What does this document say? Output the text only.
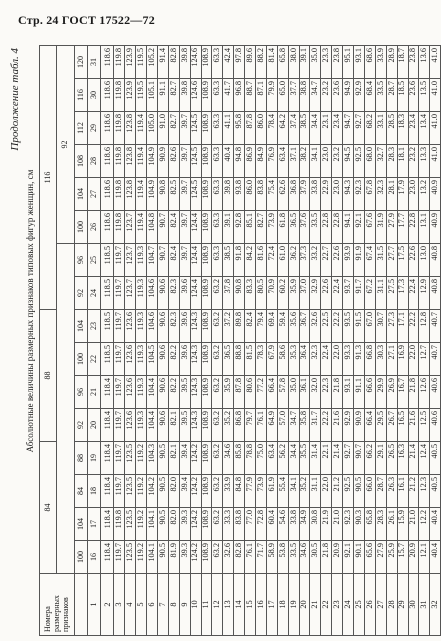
Стр. 24 ГОСТ 17522—72
Продолжение табл. 4
Абсолютные величины размерных признаков типовых фигур женщин, см
Номера размерных признаков	84				88				116							
											92					
	100	104	84	88	92	96	100	104	92	96	100	104	108	112	116	120
1	16	17	18	19	20	21	22	23	24	25	26	27	28	29	30	31
2	118.4	118.4	118.4	118.4	118.4	118.4	118.5	118.5	118.5	118.5	118.6	118.6	118.6	118.6	118.6	118.6
3	119.7	119.8	119.7	119.7	119.7	119.7	119.7	119.7	119.7	119.7	119.8	119.8	119.8	119.8	119.8	119.8
4	123.5	123.5	123.5	123.5	123.6	123.6	123.6	123.6	123.7	123.7	123.7	123.8	123.8	123.8	123.9	123.9
5	119.2	119.2	119.2	119.2	119.3	119.3	119.3	119.3	119.3	119.3	119.4	119.4	119.4	119.4	119.5	119.5
6	104.1	104.1	104.2	104.3	104.4	104.4	104.5	104.6	104.6	104.7	104.8	104.9	104.9	105.0	105.1	105.2
7	90.5	90.5	90.5	90.5	90.6	90.6	90.6	90.6	90.6	90.7	90.7	90.8	90.9	91.0	91.1	91.4
8	81.9	82.0	82.0	82.1	82.1	82.2	82.2	82.3	82.3	82.4	82.4	82.5	82.6	82.7	82.7	82.8
9	39.3	39.3	39.4	39.4	39.5	39.5	39.6	39.6	39.6	39.7	39.7	39.7	39.7	39.7	39.8	39.8
10	124.2	124.2	124.2	124.2	124.3	124.3	124.3	124.3	124.4	124.4	124.4	124.5	124.5	124.5	124.6	124.6
11	108.9	108.9	108.9	108.9	108.9	108.9	108.9	108.9	108.9	108.9	108.9	108.9	108.9	108.9	108.9	108.9
12	63.2	63.2	63.2	63.2	63.2	63.2	63.2	63.2	63.2	63.3	63.3	63.3	63.3	63.3	63.3	63.3
13	32.6	33.3	33.9	34.6	35.2	35.9	36.5	37.2	37.8	38.5	39.1	39.8	40.4	41.1	41.7	42.4
14	82.8	83.8	84.8	85.8	86.8	87.8	88.8	89.8	90.8	91.8	92.8	93.8	94.8	95.8	96.8	97.8
15	76.1	77.0	77.9	78.8	79.7	80.6	81.5	82.4	83.3	84.2	85.1	86.0	86.9	87.8	88.7	89.6
16	71.7	72.8	73.9	75.0	76.1	77.2	78.3	79.4	80.5	81.6	82.7	83.8	84.9	86.0	87.1	88.2
17	58.9	60.4	61.9	63.4	64.9	66.4	67.9	69.4	70.9	72.4	73.9	75.4	76.9	78.4	79.9	81.4
18	53.8	54.6	55.4	56.2	57.0	57.8	58.6	59.4	60.2	61.0	61.8	62.6	63.4	64.2	65.0	65.8
19	33.5	33.8	34.1	34.4	34.7	35.0	35.3	35.6	35.9	36.2	36.5	36.8	37.1	37.4	37.7	38.0
20	34.6	34.9	35.2	35.5	35.8	36.1	36.4	36.7	37.0	37.3	37.6	37.9	38.2	38.5	38.8	39.1
21	30.5	30.8	31.1	31.4	31.7	32.0	32.3	32.6	32.9	33.2	33.5	33.8	34.1	34.4	34.7	35.0
22	21.8	21.9	22.0	22.1	22.2	22.3	22.4	22.5	22.6	22.7	22.8	22.9	23.0	23.1	23.2	23.3
23	20.9	21.0	21.2	21.4	21.6	21.8	22.0	22.2	22.4	22.6	22.8	23.0	23.2	23.4	23.6	23.8
24	92.1	92.3	92.5	92.7	92.9	93.1	93.3	93.5	93.7	93.9	94.1	94.3	94.5	94.7	94.9	95.1
25	90.1	90.3	90.5	90.7	90.9	91.1	91.3	91.5	91.7	91.9	92.1	92.3	92.5	92.7	92.9	93.1
26	65.6	65.8	66.0	66.2	66.4	66.6	66.8	67.0	67.2	67.4	67.6	67.8	68.0	68.2	68.4	68.6
27	27.9	28.3	28.7	29.1	29.5	29.9	30.3	30.7	31.1	31.5	31.9	32.3	32.7	33.1	33.5	33.9
28	25.9	26.1	26.3	26.5	26.7	26.9	27.1	27.3	27.5	27.7	27.9	28.1	28.3	28.5	28.7	28.9
29	15.7	15.9	16.1	16.3	16.5	16.7	16.9	17.1	17.3	17.5	17.7	17.9	18.1	18.3	18.5	18.7
30	20.9	21.0	21.2	21.4	21.6	21.8	22.0	22.2	22.4	22.6	22.8	23.0	23.2	23.4	23.6	23.8
31	12.1	12.2	12.3	12.4	12.5	12.6	12.7	12.8	12.9	13.0	13.1	13.2	13.3	13.4	13.5	13.6
32	40.4	40.4	40.5	40.5	40.6	40.6	40.7	40.7	40.8	40.8	40.9	40.9	41.0	41.0	41.0	41.0
